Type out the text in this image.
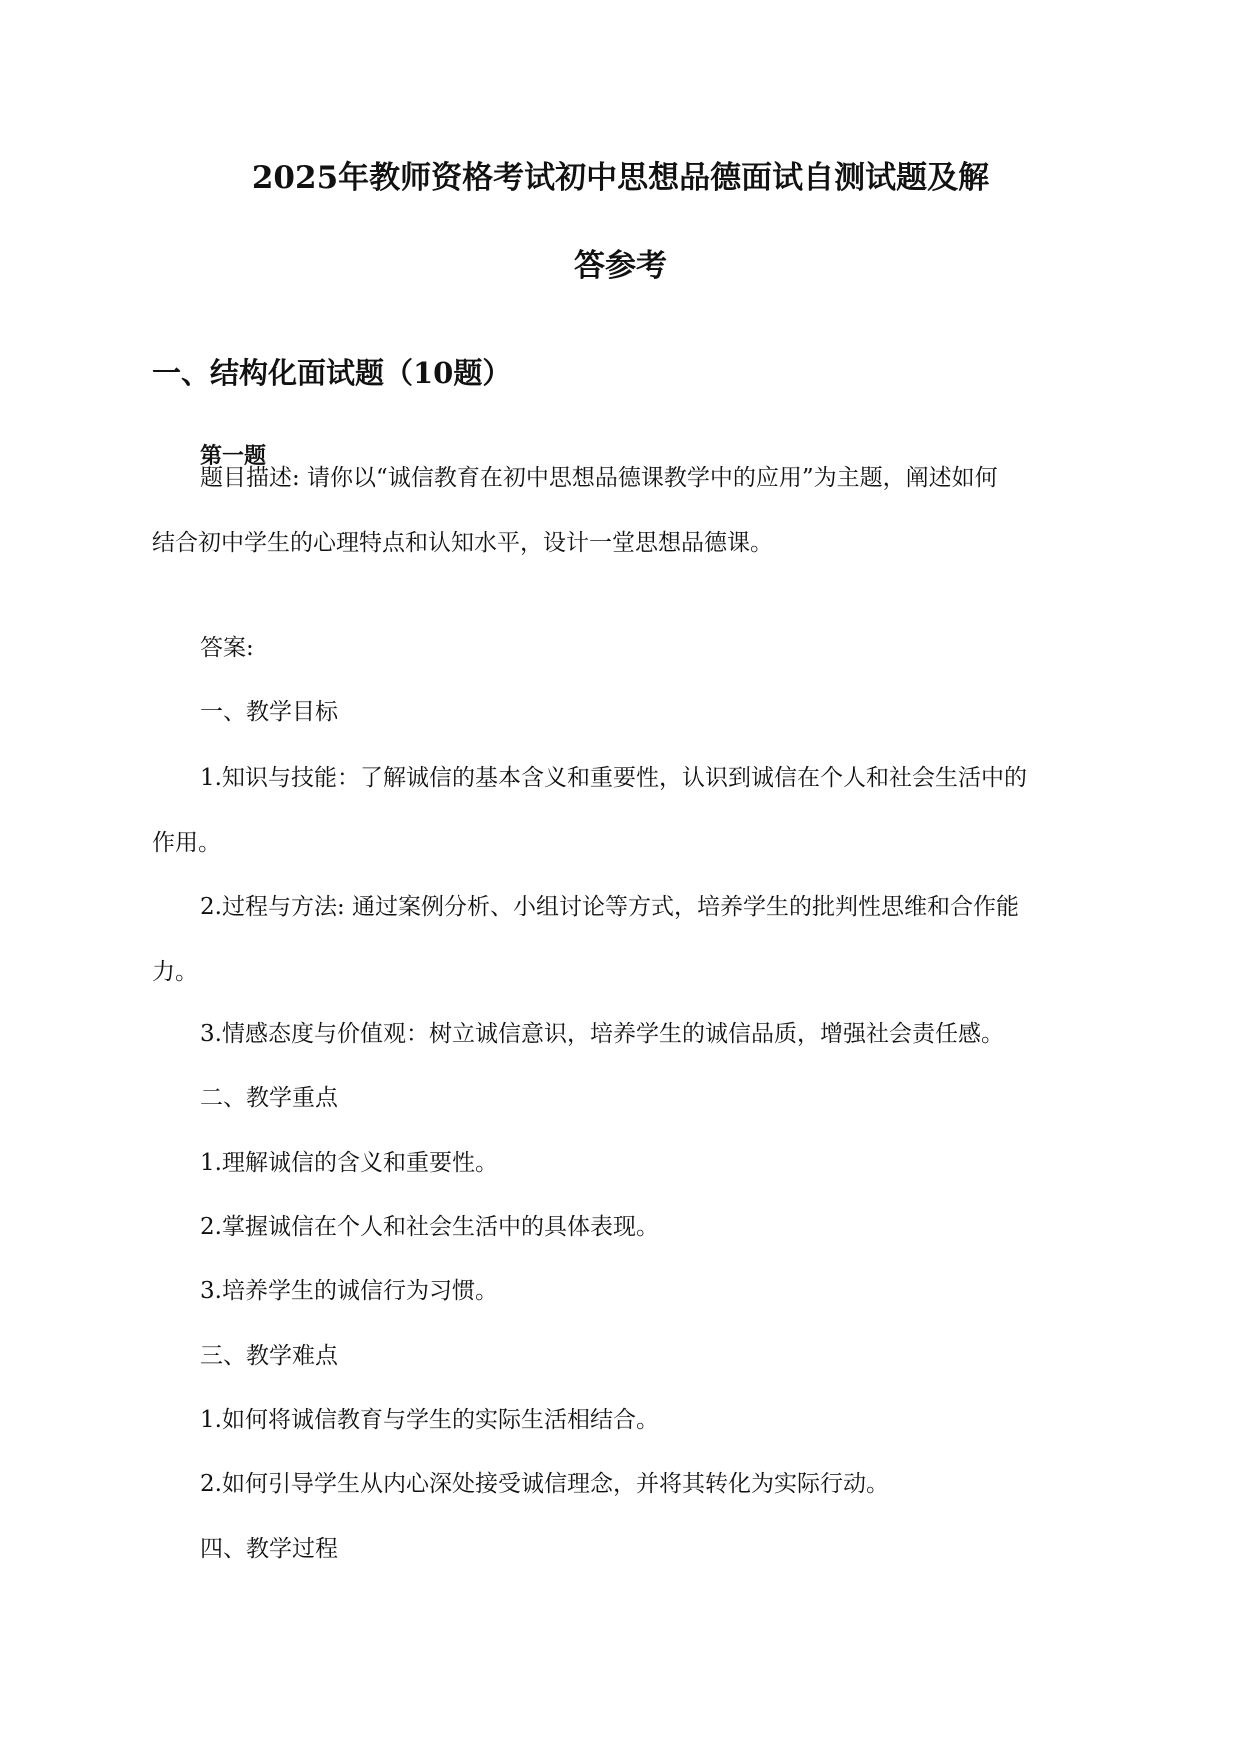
2025年教师资格考试初中思想品德面试自测试题及解
答参考
一、结构化面试题（10题）
第一题

题目描述: 请你以“诚信教育在初中思想品德课教学中的应用”为主题，阐述如何
结合初中学生的心理特点和认知水平，设计一堂思想品德课。

答案:

一、教学目标

1.知识与技能：了解诚信的基本含义和重要性，认识到诚信在个人和社会生活中的
作用。

2.过程与方法: 通过案例分析、小组讨论等方式，培养学生的批判性思维和合作能
力。

3.情感态度与价值观：树立诚信意识，培养学生的诚信品质，增强社会责任感。

二、教学重点

1.理解诚信的含义和重要性。

2.掌握诚信在个人和社会生活中的具体表现。

3.培养学生的诚信行为习惯。

三、教学难点

1.如何将诚信教育与学生的实际生活相结合。

2.如何引导学生从内心深处接受诚信理念，并将其转化为实际行动。

四、教学过程
